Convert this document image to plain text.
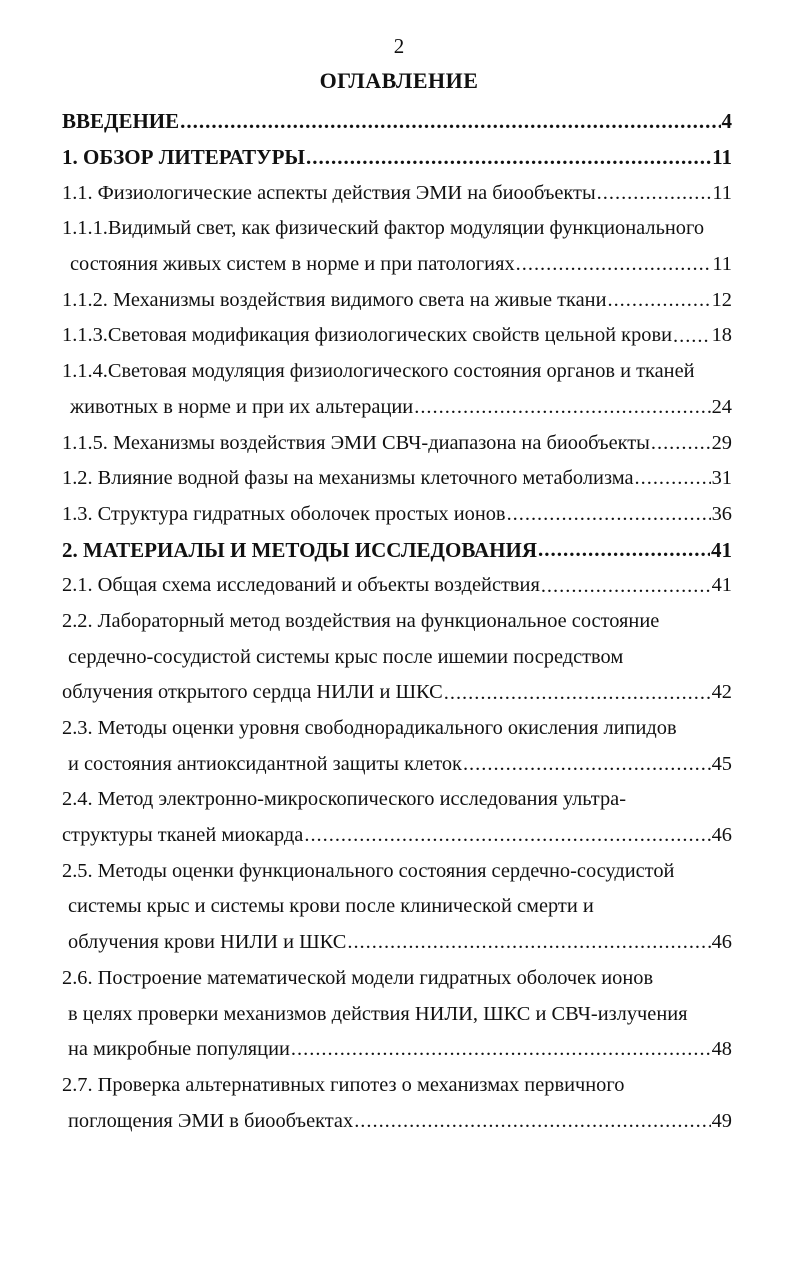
2
ОГЛАВЛЕНИЕ
ВВЕДЕНИЕ .....	4
1. ОБЗОР ЛИТЕРАТУРЫ .....	11
1.1. Физиологические аспекты действия ЭМИ на биообъекты .....	11
1.1.1.Видимый свет, как физический фактор модуляции функционального
состояния живых систем в норме и при патологиях .....	11
1.1.2. Механизмы воздействия видимого света на живые ткани .....	12
1.1.3.Световая модификация физиологических свойств цельной крови ..... 18
1.1.4.Световая модуляция физиологического состояния органов и тканей
животных в норме и при их альтерации .....	24
1.1.5. Механизмы воздействия ЭМИ СВЧ-диапазона на биообъекты .....	29
1.2. Влияние водной фазы на механизмы клеточного метаболизма .....	31
1.3. Структура гидратных оболочек простых ионов .....	36
2. МАТЕРИАЛЫ И МЕТОДЫ ИССЛЕДОВАНИЯ .....	41
2.1. Общая схема исследований и объекты воздействия .....	41
2.2. Лабораторный метод воздействия на функциональное состояние
сердечно-сосудистой системы крыс после ишемии посредством
облучения открытого сердца НИЛИ и ШКС .....	42
2.3. Методы оценки уровня свободнорадикального окисления липидов
и состояния антиоксидантной защиты клеток .....	45
2.4. Метод электронно-микроскопического исследования ультра-
структуры тканей миокарда .....	46
2.5. Методы оценки функционального состояния сердечно-сосудистой
системы крыс и системы крови после клинической смерти и
облучения крови НИЛИ и ШКС .....	46
2.6. Построение математической модели гидратных оболочек ионов
в целях проверки механизмов действия НИЛИ, ШКС и СВЧ-излучения
на микробные популяции .....	48
2.7. Проверка альтернативных гипотез о механизмах первичного
поглощения ЭМИ в биообъектах .....	49
